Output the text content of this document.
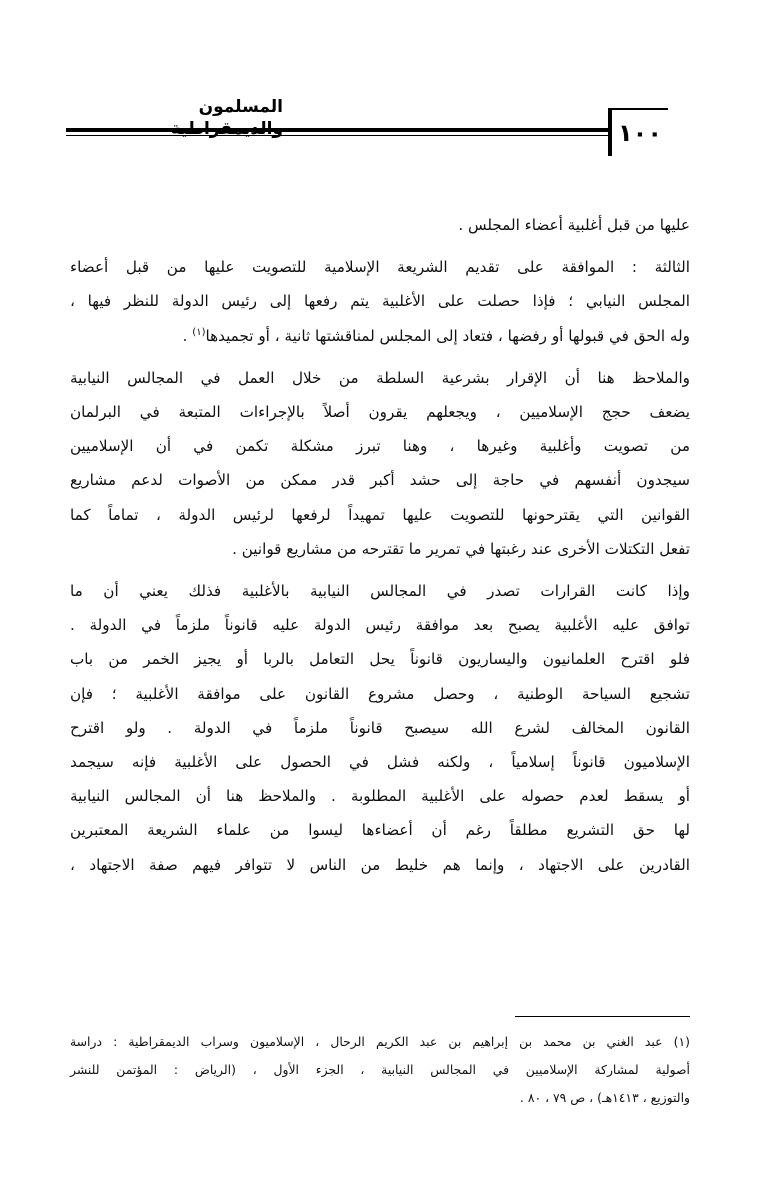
المسلمون
١٠٠
عليها من قبل أغلبية أعضاء المجلس .
الثالثة : الموافقة على تقديم الشريعة الإسلامية للتصويت عليها من قبل أعضاء
المجلس النيابي ؛ فإذا حصلت على الأغلبية يتم رفعها إلى رئيس الدولة للنظر فيها ،
وله الحق في قبولها أو رفضها ، فتعاد إلى المجلس لمناقشتها ثانية ، أو تجميدها$^{(١)}$ .
والملاحظ هنا أن الإقرار بشرعية السلطة من خلال العمل في المجالس النيابية
يضعف حجج الإسلاميين ، ويجعلهم يقرون أصلاً بالإجراءات المتبعة في البرلمان
من تصويت وأغلبية وغيرها ، وهنا تبرز مشكلة تكمن في أن الإسلاميين
سيجدون أنفسهم في حاجة إلى حشد أكبر قدر ممكن من الأصوات لدعم مشاريع
القوانين التي يقترحونها للتصويت عليها تمهيداً لرفعها لرئيس الدولة ، تماماً كما
تفعل التكتلات الأخرى عند رغبتها في تمرير ما تقترحه من مشاريع قوانين .
وإذا كانت القرارات تصدر في المجالس النيابية بالأغلبية فذلك يعني أن ما
توافق عليه الأغلبية يصبح بعد موافقة رئيس الدولة عليه قانوناً ملزماً في الدولة .
فلو اقترح العلمانيون واليساريون قانوناً يحل التعامل بالربا أو يجيز الخمر من باب
تشجيع السياحة الوطنية ، وحصل مشروع القانون على موافقة الأغلبية ؛ فإن
القانون المخالف لشرع الله سيصبح قانوناً ملزماً في الدولة . ولو اقترح
الإسلاميون قانوناً إسلامياً ، ولكنه فشل في الحصول على الأغلبية فإنه سيجمد
أو يسقط لعدم حصوله على الأغلبية المطلوبة . والملاحظ هنا أن المجالس النيابية
لها حق التشريع مطلقاً رغم أن أعضاءها ليسوا من علماء الشريعة المعتبرين
القادرين على الاجتهاد ، وإنما هم خليط من الناس لا تتوافر فيهم صفة الاجتهاد ،
(١) عبد الغني بن محمد بن إبراهيم بن عبد الكريم الرحال ، الإسلاميون وسراب الديمقراطية : دراسة
أصولية لمشاركة الإسلاميين في المجالس النيابية ، الجزء الأول ، (الرياض : المؤتمن للنشر
والتوزيع ، ١٤١٣هـ) ، ص ٧٩ ، ٨٠ .
